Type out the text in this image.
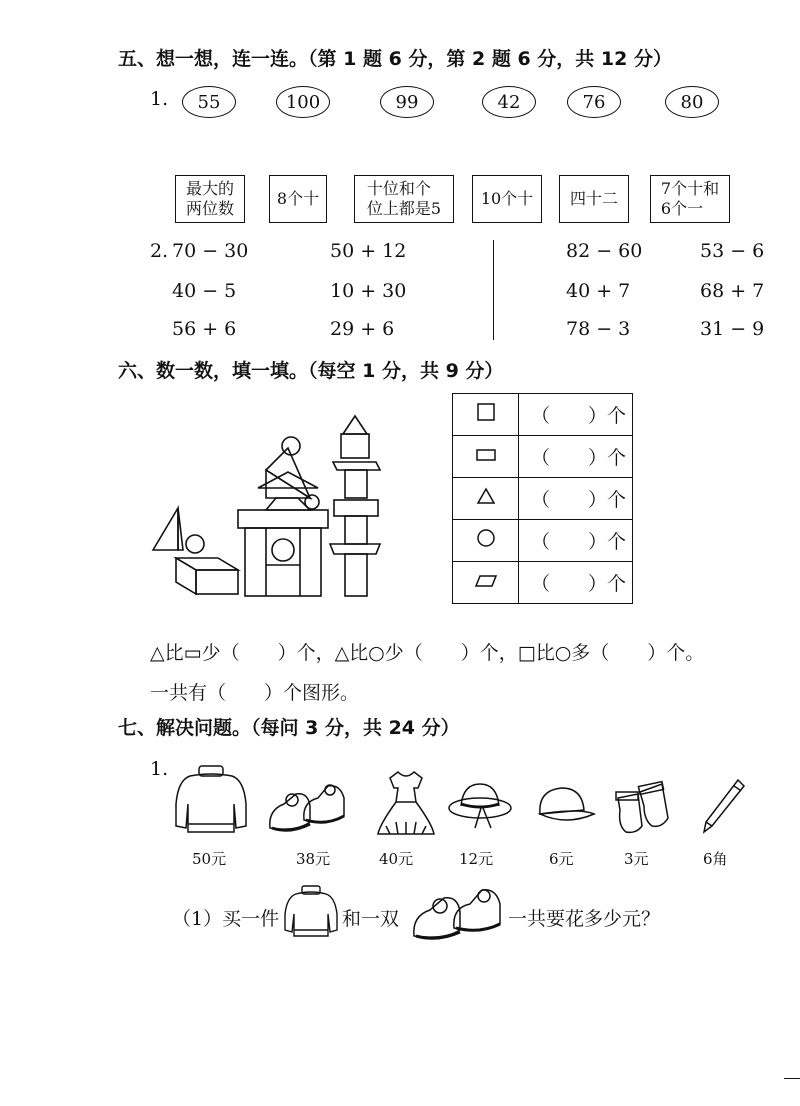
五、想一想，连一连。（第 1 题 6 分，第 2 题 6 分，共 12 分）
1.	55	100	99	42	76	80
最大的
两位数
8个十
十位和个
位上都是5
10个十 四十二
7个十和
6个一
2. 70 − 30	50 + 12
40 − 5	10 + 30
56 + 6	29 + 6
82 − 60	53 − 6
40 + 7	68 + 7
78 − 3	31 − 9
六、数一数，填一填。（每空 1 分，共 9 分）
	（　　）个
	（　　）个
	（　　）个
	（　　）个
	（　　）个
△比▭少（　　）个，△比○少（　　）个，□比○多（　　）个。
一共有（　　）个图形。
七、解决问题。（每问 3 分，共 24 分）
1.
50元	38元	40元	12元	6元	3元	6角
（1）买一件	和一双	一共要花多少元？
